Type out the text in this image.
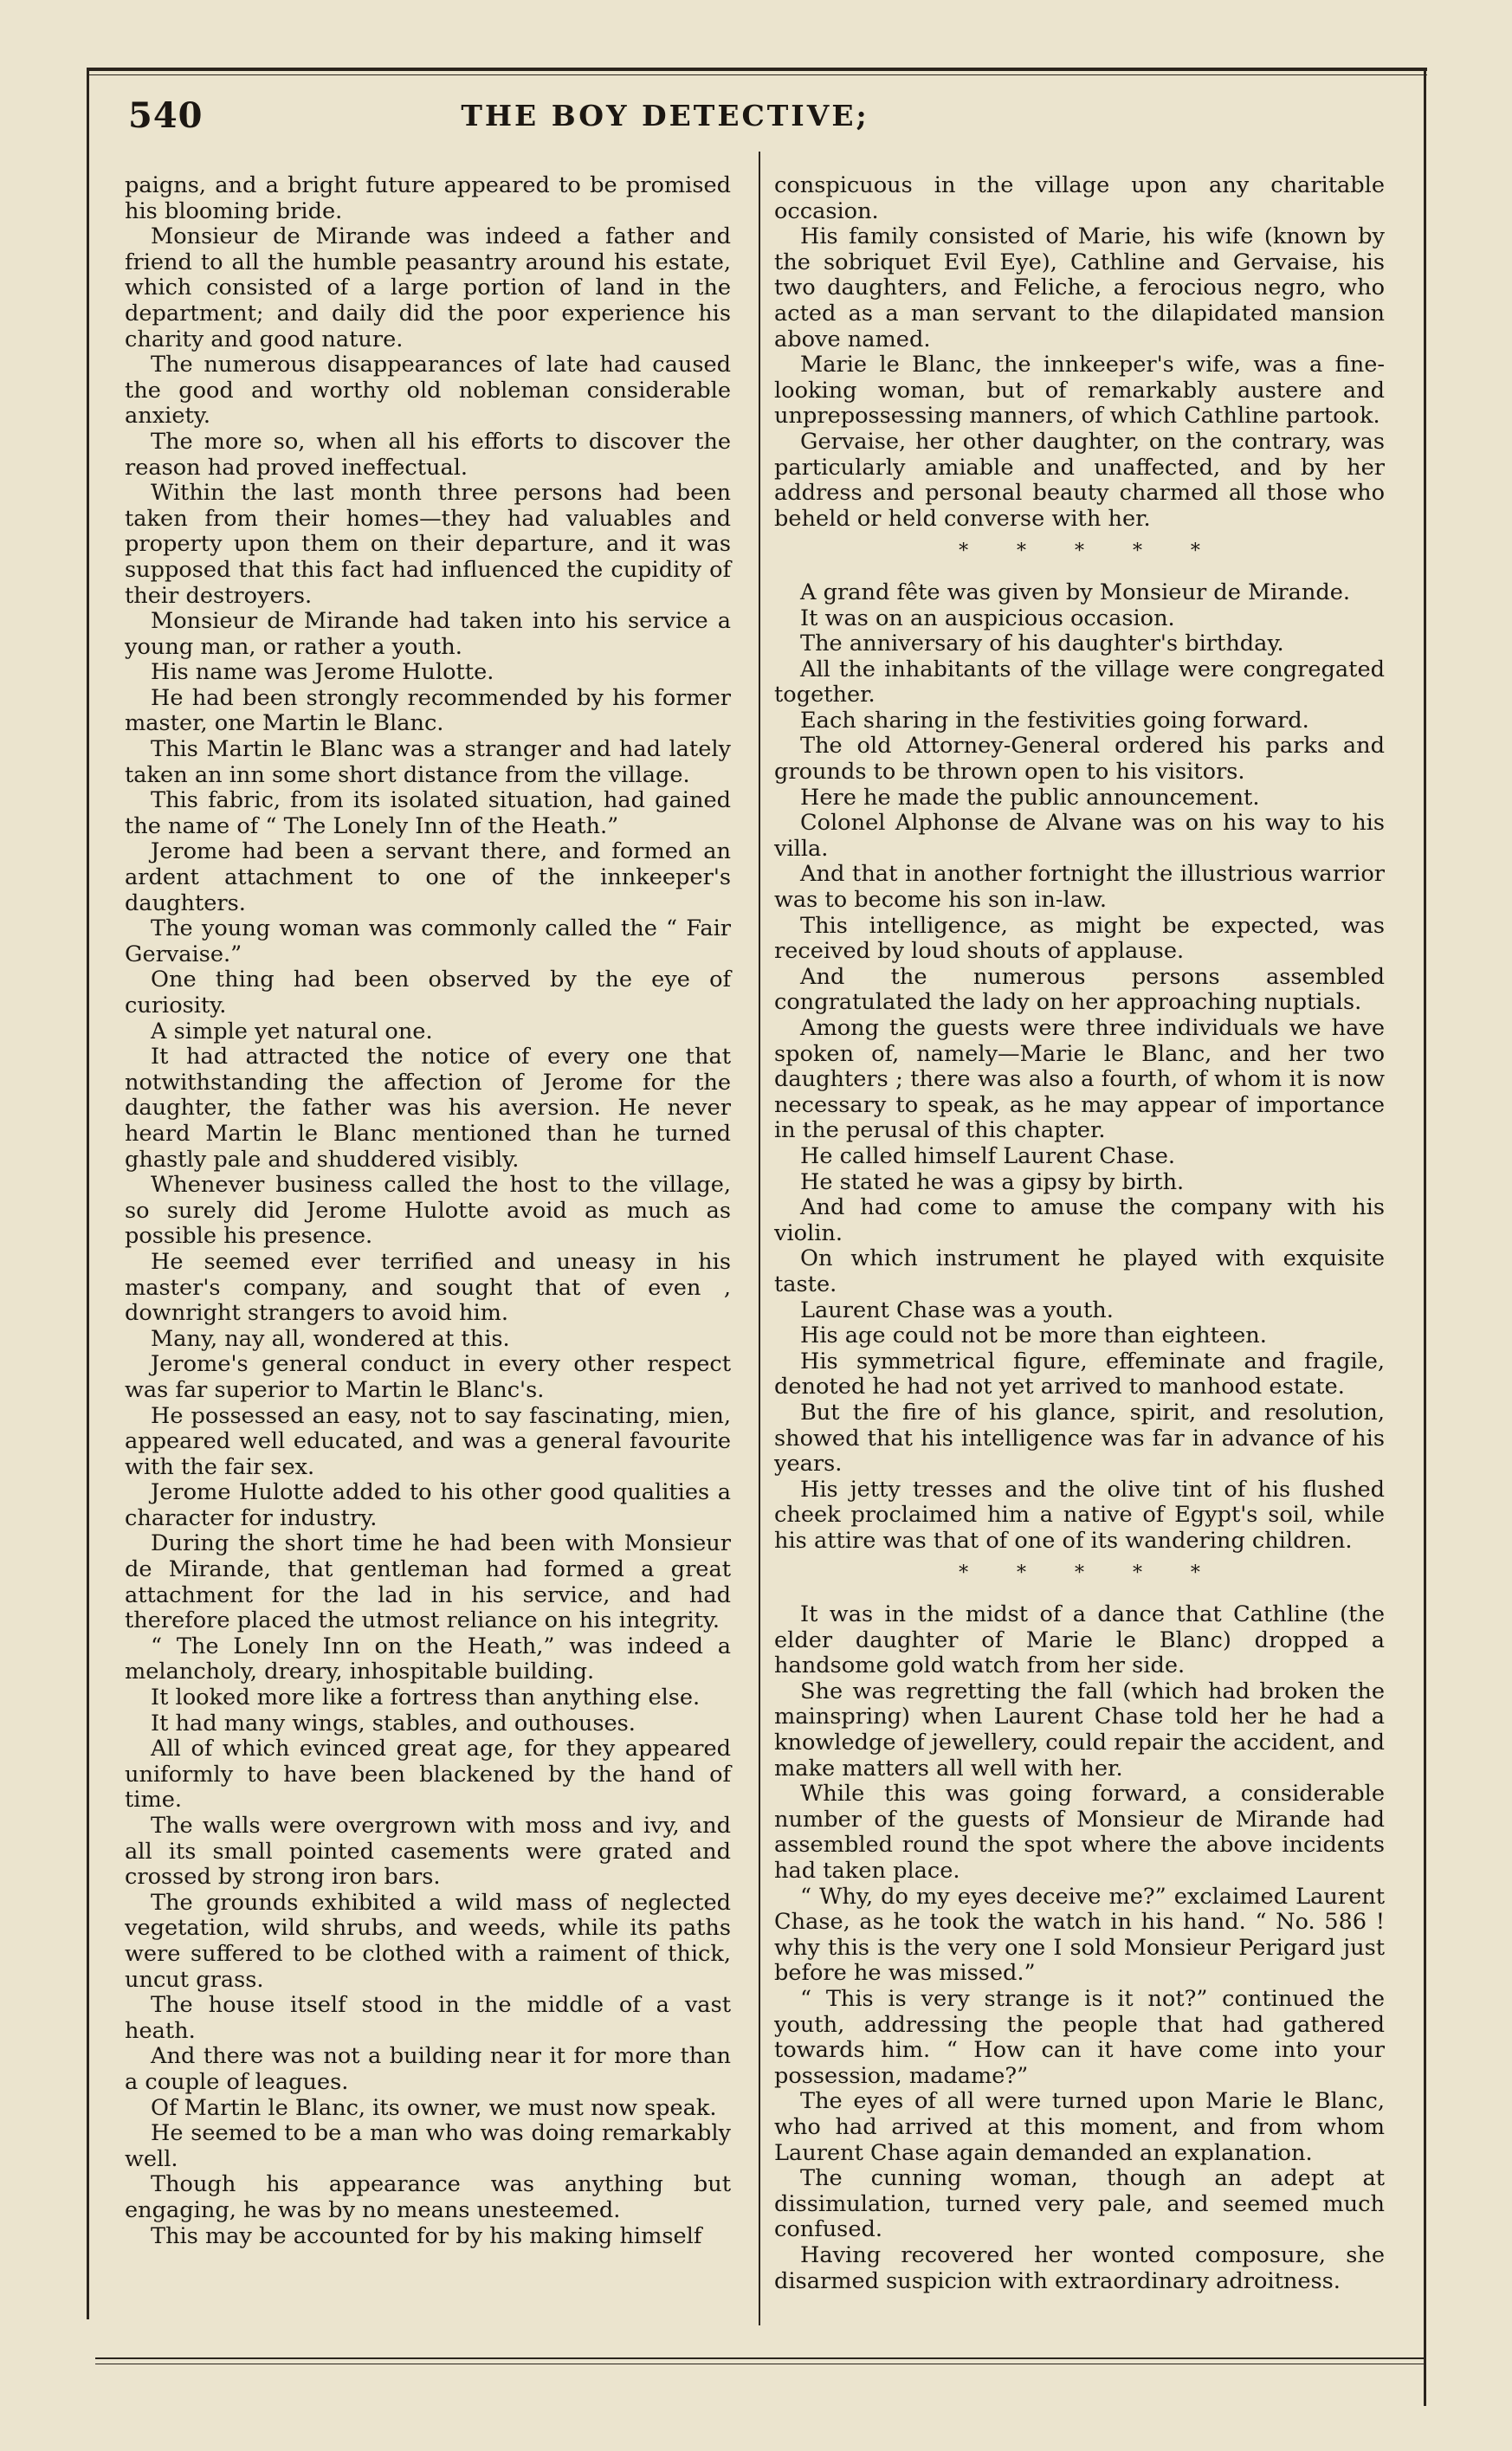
540	THE BOY DETECTIVE;

paigns, and a bright future appeared to be promised his blooming bride.

Monsieur de Mirande was indeed a father and friend to all the humble peasantry around his estate, which consisted of a large portion of land in the department; and daily did the poor experience his charity and good nature.

The numerous disappearances of late had caused the good and worthy old nobleman considerable anxiety.

The more so, when all his efforts to discover the reason had proved ineffectual.

Within the last month three persons had been taken from their homes—they had valuables and property upon them on their departure, and it was supposed that this fact had influenced the cupidity of their destroyers.

Monsieur de Mirande had taken into his service a young man, or rather a youth.

His name was Jerome Hulotte.

He had been strongly recommended by his former master, one Martin le Blanc.

This Martin le Blanc was a stranger and had lately taken an inn some short distance from the village.

This fabric, from its isolated situation, had gained the name of “ The Lonely Inn of the Heath.”

Jerome had been a servant there, and formed an ardent attachment to one of the innkeeper's daughters.

The young woman was commonly called the “ Fair Gervaise.”

One thing had been observed by the eye of curiosity.

A simple yet natural one.

It had attracted the notice of every one that notwithstanding the affection of Jerome for the daughter, the father was his aversion. He never heard Martin le Blanc mentioned than he turned ghastly pale and shuddered visibly.

Whenever business called the host to the village, so surely did Jerome Hulotte avoid as much as possible his presence.

He seemed ever terrified and uneasy in his master's company, and sought that of even , downright strangers to avoid him.

Many, nay all, wondered at this.

Jerome's general conduct in every other respect was far superior to Martin le Blanc's.

He possessed an easy, not to say fascinating, mien, appeared well educated, and was a general favourite with the fair sex.

Jerome Hulotte added to his other good qualities a character for industry.

During the short time he had been with Monsieur de Mirande, that gentleman had formed a great attachment for the lad in his service, and had therefore placed the utmost reliance on his integrity.

“ The Lonely Inn on the Heath,” was indeed a melancholy, dreary, inhospitable building.

It looked more like a fortress than anything else.

It had many wings, stables, and outhouses.

All of which evinced great age, for they appeared uniformly to have been blackened by the hand of time.

The walls were overgrown with moss and ivy, and all its small pointed casements were grated and crossed by strong iron bars.

The grounds exhibited a wild mass of neglected vegetation, wild shrubs, and weeds, while its paths were suffered to be clothed with a raiment of thick, uncut grass.

The house itself stood in the middle of a vast heath.

And there was not a building near it for more than a couple of leagues.

Of Martin le Blanc, its owner, we must now speak.

He seemed to be a man who was doing remarkably well.

Though his appearance was anything but engaging, he was by no means unesteemed.

This may be accounted for by his making himself

conspicuous in the village upon any charitable occasion.

His family consisted of Marie, his wife (known by the sobriquet Evil Eye), Cathline and Gervaise, his two daughters, and Feliche, a ferocious negro, who acted as a man servant to the dilapidated mansion above named.

Marie le Blanc, the innkeeper's wife, was a fine-looking woman, but of remarkably austere and unprepossessing manners, of which Cathline partook.

Gervaise, her other daughter, on the contrary, was particularly amiable and unaffected, and by her address and personal beauty charmed all those who beheld or held converse with her.

*        *        *        *        *

A grand fête was given by Monsieur de Mirande.

It was on an auspicious occasion.

The anniversary of his daughter's birthday.

All the inhabitants of the village were congregated together.

Each sharing in the festivities going forward.

The old Attorney-General ordered his parks and grounds to be thrown open to his visitors.

Here he made the public announcement.

Colonel Alphonse de Alvane was on his way to his villa.

And that in another fortnight the illustrious warrior was to become his son in-law.

This intelligence, as might be expected, was received by loud shouts of applause.

And the numerous persons assembled congratulated the lady on her approaching nuptials.

Among the guests were three individuals we have spoken of, namely—Marie le Blanc, and her two daughters ; there was also a fourth, of whom it is now necessary to speak, as he may appear of importance in the perusal of this chapter.

He called himself Laurent Chase.

He stated he was a gipsy by birth.

And had come to amuse the company with his violin.

On which instrument he played with exquisite taste.

Laurent Chase was a youth.

His age could not be more than eighteen.

His symmetrical figure, effeminate and fragile, denoted he had not yet arrived to manhood estate.

But the fire of his glance, spirit, and resolution, showed that his intelligence was far in advance of his years.

His jetty tresses and the olive tint of his flushed cheek proclaimed him a native of Egypt's soil, while his attire was that of one of its wandering children.

*        *        *        *        *

It was in the midst of a dance that Cathline (the elder daughter of Marie le Blanc) dropped a handsome gold watch from her side.

She was regretting the fall (which had broken the mainspring) when Laurent Chase told her he had a knowledge of jewellery, could repair the accident, and make matters all well with her.

While this was going forward, a considerable number of the guests of Monsieur de Mirande had assembled round the spot where the above incidents had taken place.

“ Why, do my eyes deceive me?” exclaimed Laurent Chase, as he took the watch in his hand. “ No. 586 ! why this is the very one I sold Monsieur Perigard just before he was missed.”

“ This is very strange is it not?” continued the youth, addressing the people that had gathered towards him. “ How can it have come into your possession, madame?”

The eyes of all were turned upon Marie le Blanc, who had arrived at this moment, and from whom Laurent Chase again demanded an explanation.

The cunning woman, though an adept at dissimulation, turned very pale, and seemed much confused.

Having recovered her wonted composure, she disarmed suspicion with extraordinary adroitness.
